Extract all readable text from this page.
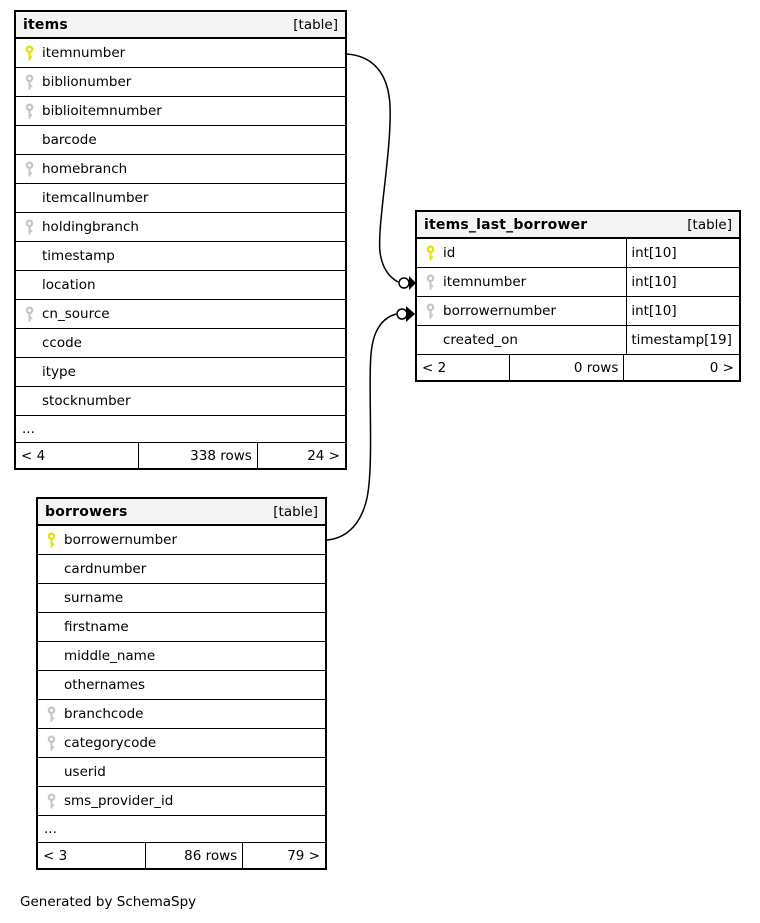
items	[table]
itemnumber
biblionumber
biblioitemnumber
barcode
homebranch
itemcallnumber
holdingbranch
timestamp
location
cn_source
ccode
itype
stocknumber
...
< 4	338 rows	24 >
items_last_borrower	[table]
id	int[10]
itemnumber	int[10]
borrowernumber	int[10]
created_on	timestamp[19]
< 2	0 rows	0 >
borrowers	[table]
borrowernumber
cardnumber
surname
firstname
middle_name
othernames
branchcode
categorycode
userid
sms_provider_id
...
< 3	86 rows	79 >
Generated by SchemaSpy
